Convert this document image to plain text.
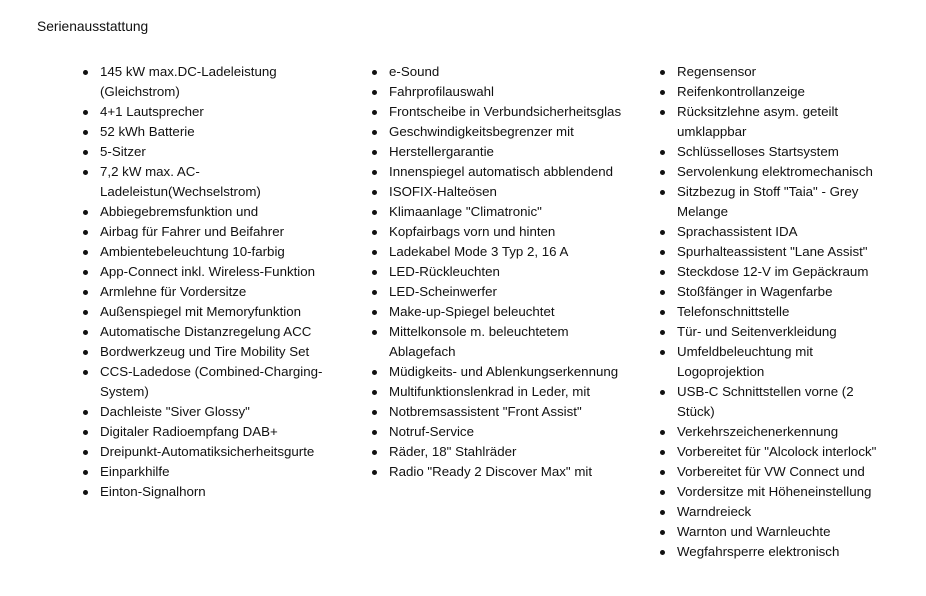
Serienausstattung
145 kW max.DC-Ladeleistung (Gleichstrom)
4+1 Lautsprecher
52 kWh Batterie
5-Sitzer
7,2 kW max. AC-Ladeleistun(Wechselstrom)
Abbiegebremsfunktion und
Airbag für Fahrer und Beifahrer
Ambientebeleuchtung 10-farbig
App-Connect inkl. Wireless-Funktion
Armlehne für Vordersitze
Außenspiegel mit Memoryfunktion
Automatische Distanzregelung ACC
Bordwerkzeug und Tire Mobility Set
CCS-Ladedose (Combined-Charging-System)
Dachleiste "Siver Glossy"
Digitaler Radioempfang DAB+
Dreipunkt-Automatiksicherheitsgurte
Einparkhilfe
Einton-Signalhorn
e-Sound
Fahrprofilauswahl
Frontscheibe in Verbundsicherheitsglas
Geschwindigkeitsbegrenzer mit
Herstellergarantie
Innenspiegel automatisch abblendend
ISOFIX-Halteösen
Klimaanlage "Climatronic"
Kopfairbags vorn und hinten
Ladekabel Mode 3 Typ 2, 16 A
LED-Rückleuchten
LED-Scheinwerfer
Make-up-Spiegel beleuchtet
Mittelkonsole m. beleuchtetem Ablagefach
Müdigkeits- und Ablenkungserkennung
Multifunktionslenkrad in Leder, mit
Notbremsassistent "Front Assist"
Notruf-Service
Räder, 18" Stahlräder
Radio "Ready 2 Discover Max" mit
Regensensor
Reifenkontrollanzeige
Rücksitzlehne asym. geteilt umklappbar
Schlüsselloses Startsystem
Servolenkung elektromechanisch
Sitzbezug in Stoff "Taia" - Grey Melange
Sprachassistent IDA
Spurhalteassistent "Lane Assist"
Steckdose 12-V im Gepäckraum
Stoßfänger in Wagenfarbe
Telefonschnittstelle
Tür- und Seitenverkleidung
Umfeldbeleuchtung mit Logoprojektion
USB-C Schnittstellen vorne (2 Stück)
Verkehrszeichenerkennung
Vorbereitet für "Alcolock interlock"
Vorbereitet für VW Connect und
Vordersitze mit Höheneinstellung
Warndreieck
Warnton und Warnleuchte
Wegfahrsperre elektronisch
